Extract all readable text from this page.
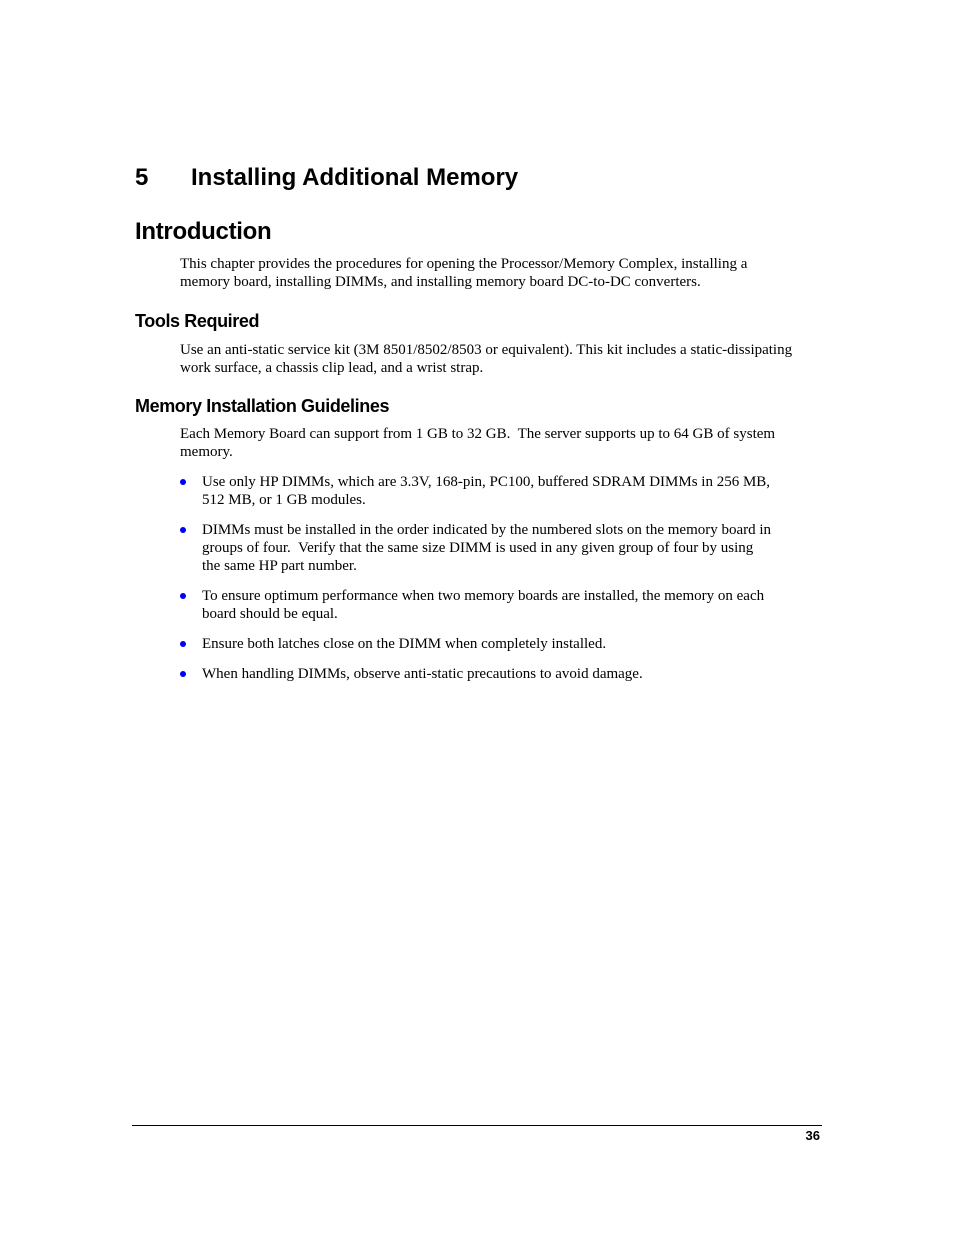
5 Installing Additional Memory
Introduction

This chapter provides the procedures for opening the Processor/Memory Complex, installing a
memory board, installing DIMMs, and installing memory board DC-to-DC converters.

Tools Required

Use an anti-static service kit (3M 8501/8502/8503 or equivalent). This kit includes a static-dissipating
work surface, a chassis clip lead, and a wrist strap.

Memory Installation Guidelines

Each Memory Board can support from 1 GB to 32 GB.  The server supports up to 64 GB of system
memory.

Use only HP DIMMs, which are 3.3V, 168-pin, PC100, buffered SDRAM DIMMs in 256 MB,
512 MB, or 1 GB modules.
DIMMs must be installed in the order indicated by the numbered slots on the memory board in
groups of four.  Verify that the same size DIMM is used in any given group of four by using
the same HP part number.
To ensure optimum performance when two memory boards are installed, the memory on each
board should be equal.
Ensure both latches close on the DIMM when completely installed.
When handling DIMMs, observe anti-static precautions to avoid damage.

36
